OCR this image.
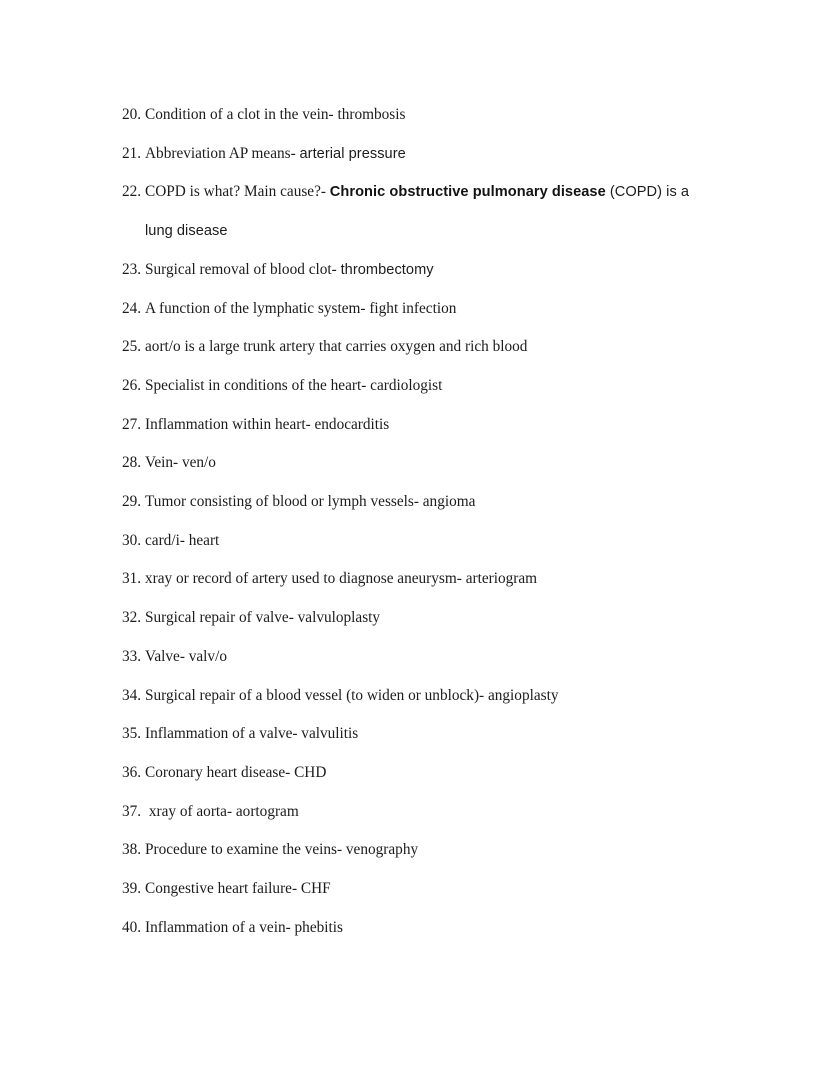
20. Condition of a clot in the vein- thrombosis
21. Abbreviation AP means- arterial pressure
22. COPD is what? Main cause?- Chronic obstructive pulmonary disease (COPD) is a
lung disease
23. Surgical removal of blood clot- thrombectomy
24. A function of the lymphatic system- fight infection
25. aort/o is a large trunk artery that carries oxygen and rich blood
26. Specialist in conditions of the heart- cardiologist
27. Inflammation within heart- endocarditis
28. Vein- ven/o
29. Tumor consisting of blood or lymph vessels- angioma
30. card/i- heart
31. xray or record of artery used to diagnose aneurysm- arteriogram
32. Surgical repair of valve- valvuloplasty
33. Valve- valv/o
34. Surgical repair of a blood vessel (to widen or unblock)- angioplasty
35. Inflammation of a valve- valvulitis
36. Coronary heart disease- CHD
37. xray of aorta- aortogram
38. Procedure to examine the veins- venography
39. Congestive heart failure- CHF
40. Inflammation of a vein- phebitis
